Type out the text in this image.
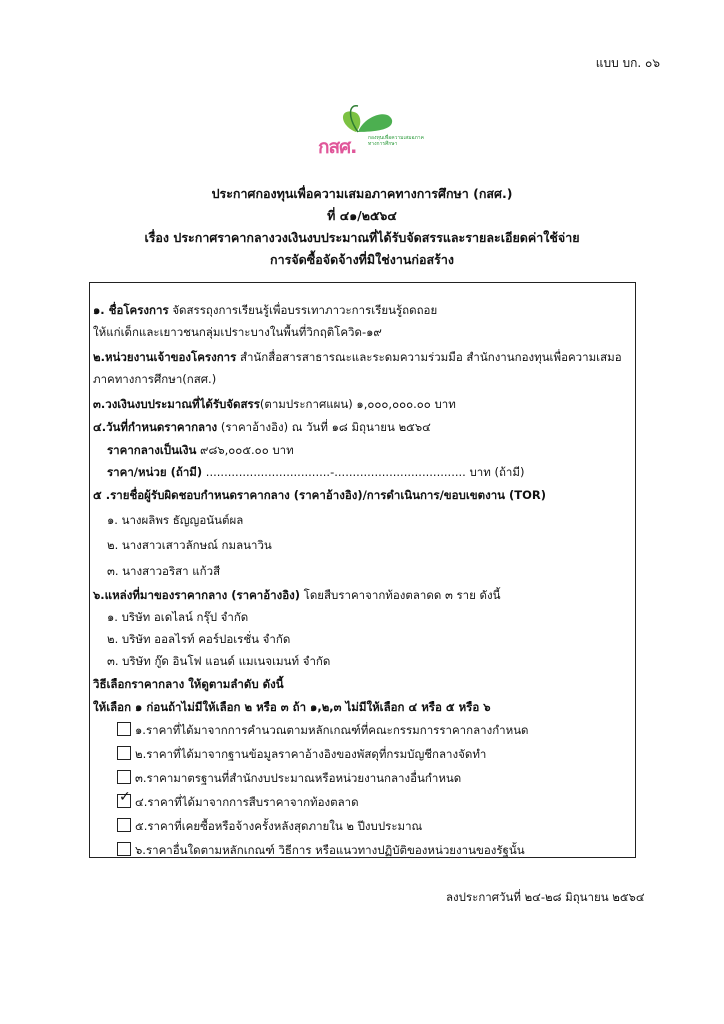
แบบ บก. ๐๖
กสศ. กองทุนเพื่อความเสมอภาคทางการศึกษา
ประกาศกองทุนเพื่อความเสมอภาคทางการศึกษา (กสศ.)
ที่ ๔๑/๒๕๖๔
เรื่อง ประกาศราคากลางวงเงินงบประมาณที่ได้รับจัดสรรและรายละเอียดค่าใช้จ่าย
การจัดซื้อจัดจ้างที่มิใช่งานก่อสร้าง
๑. ชื่อโครงการ จัดสรรถุงการเรียนรู้เพื่อบรรเทาภาวะการเรียนรู้ถดถอย
ให้แก่เด็กและเยาวชนกลุ่มเปราะบางในพื้นที่วิกฤติโควิด-๑๙
๒.หน่วยงานเจ้าของโครงการ สำนักสื่อสารสาธารณะและระดมความร่วมมือ สำนักงานกองทุนเพื่อความเสมอ
ภาคทางการศึกษา(กสศ.)
๓.วงเงินงบประมาณที่ได้รับจัดสรร(ตามประกาศแผน) ๑,๐๐๐,๐๐๐.๐๐ บาท
๔.วันที่กำหนดราคากลาง (ราคาอ้างอิง) ณ วันที่ ๑๘ มิถุนายน ๒๕๖๔
ราคากลางเป็นเงิน ๙๘๖,๐๐๕.๐๐ บาท
ราคา/หน่วย (ถ้ามี) ..................................-.................................... บาท (ถ้ามี)
๕ .รายชื่อผู้รับผิดชอบกำหนดราคากลาง (ราคาอ้างอิง)/การดำเนินการ/ขอบเขตงาน (TOR)
๑. นางผลิพร ธัญญอนันต์ผล
๒. นางสาวเสาวลักษณ์ กมลนาวิน
๓. นางสาวอริสา แก้วสี
๖.แหล่งที่มาของราคากลาง (ราคาอ้างอิง) โดยสืบราคาจากท้องตลาดด ๓ ราย ดังนี้
๑. บริษัท อเดไลน์ กรุ๊ป จำกัด
๒. บริษัท ออลไรท์ คอร์ปอเรชั่น จำกัด
๓. บริษัท กู๊ด อินโฟ แอนด์ แมเนจเมนท์ จำกัด
วิธีเลือกราคากลาง ให้ดูตามลำดับ ดังนี้
ให้เลือก ๑ ก่อนถ้าไม่มีให้เลือก ๒ หรือ ๓ ถ้า ๑,๒,๓ ไม่มีให้เลือก ๔ หรือ ๕ หรือ ๖
๑.ราคาที่ได้มาจากการคำนวณตามหลักเกณฑ์ที่คณะกรรมการราคากลางกำหนด
๒.ราคาที่ได้มาจากฐานข้อมูลราคาอ้างอิงของพัสดุที่กรมบัญชีกลางจัดทำ
๓.ราคามาตรฐานที่สำนักงบประมาณหรือหน่วยงานกลางอื่นกำหนด
✓ ๔.ราคาที่ได้มาจากการสืบราคาจากท้องตลาด
๕.ราคาที่เคยซื้อหรือจ้างครั้งหลังสุดภายใน ๒ ปีงบประมาณ
๖.ราคาอื่นใดตามหลักเกณฑ์ วิธีการ หรือแนวทางปฏิบัติของหน่วยงานของรัฐนั้น
ลงประกาศวันที่ ๒๔-๒๘ มิถุนายน ๒๕๖๔
